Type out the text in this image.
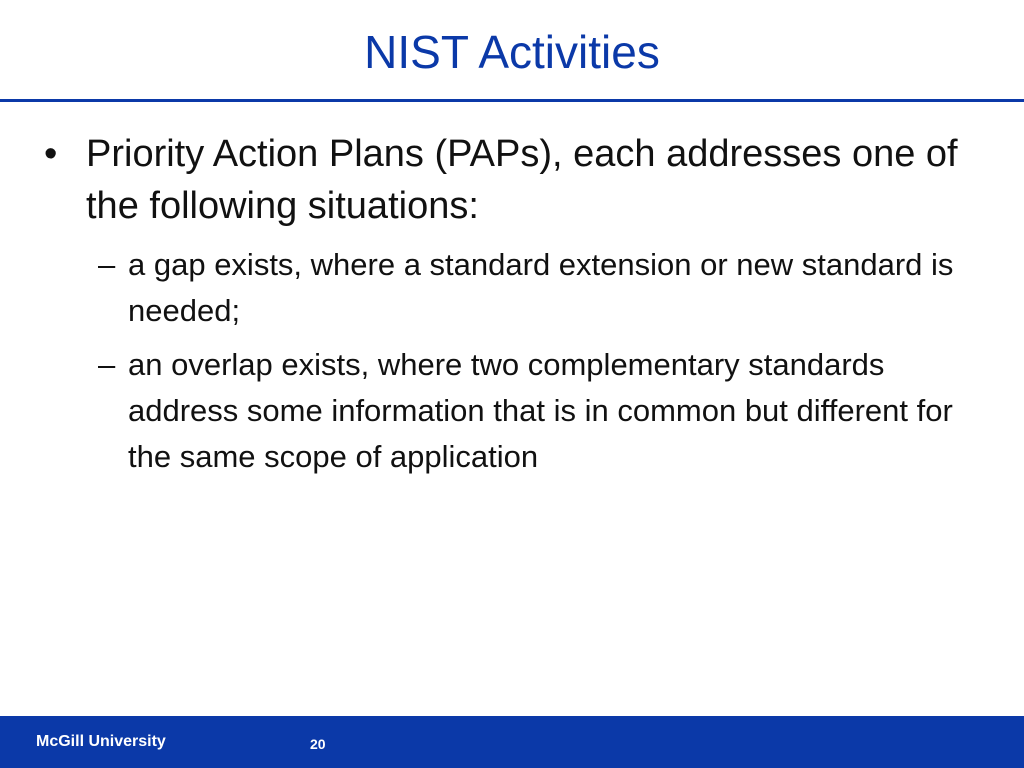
NIST Activities
• Priority Action Plans (PAPs), each addresses one of the following situations:
– a gap exists, where a standard extension or new standard is needed;
– an overlap exists, where two complementary standards address some information that is in common but different for the same scope of application
McGill University	20
